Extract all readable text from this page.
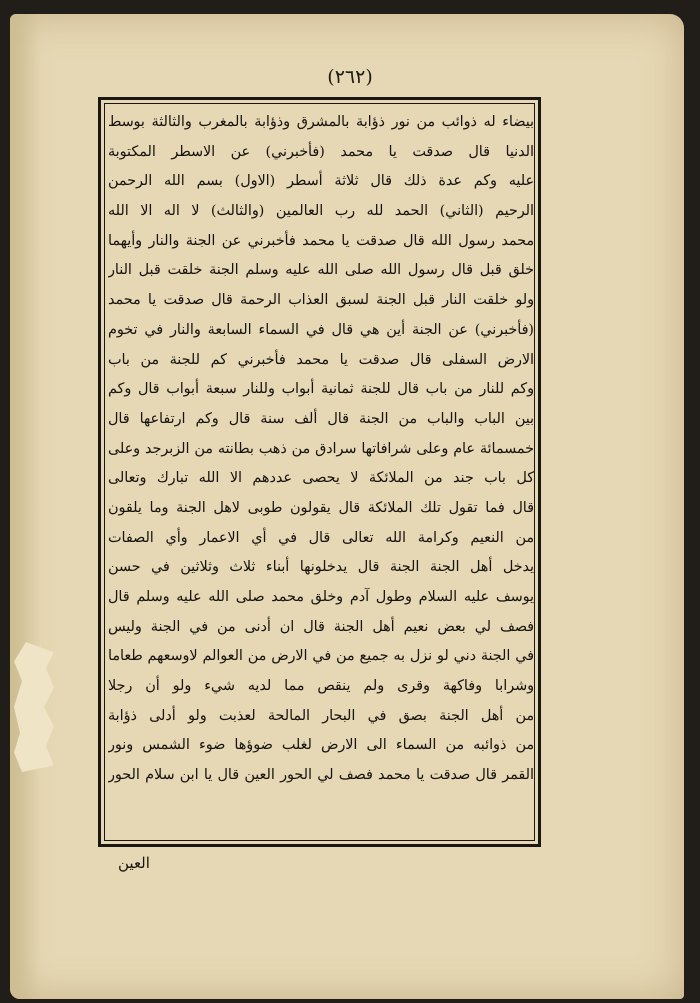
(٢٦٢)
بيضاء له ذوائب من نور ذؤابة بالمشرق وذؤابة بالمغرب والثالثة بوسط
الدنيا قال صدقت يا محمد (فأخبرني) عن الاسطر المكتوبة
عليه وكم عدة ذلك قال ثلاثة أسطر (الاول) بسم الله الرحمن
الرحيم (الثاني) الحمد لله رب العالمين (والثالث) لا اله الا الله
محمد رسول الله قال صدقت يا محمد فأخبرني عن الجنة والنار وأيهما
خلق قبل قال رسول الله صلى الله عليه وسلم الجنة خلقت قبل النار
ولو خلقت النار قبل الجنة لسبق العذاب الرحمة قال صدقت يا محمد
(فأخبرني) عن الجنة أين هي قال في السماء السابعة والنار في تخوم
الارض السفلى قال صدقت يا محمد فأخبرني كم للجنة من باب
وكم للنار من باب قال للجنة ثمانية أبواب وللنار سبعة أبواب قال وكم
بين الباب والباب من الجنة قال ألف سنة قال وكم ارتفاعها قال
خمسمائة عام وعلى شرافاتها سرادق من ذهب بطانته من الزبرجد وعلى
كل باب جند من الملائكة لا يحصى عددهم الا الله تبارك وتعالى
قال فما تقول تلك الملائكة قال يقولون طوبى لاهل الجنة وما يلقون
من النعيم وكرامة الله تعالى قال في أي الاعمار وأي الصفات
يدخل أهل الجنة الجنة قال يدخلونها أبناء ثلاث وثلاثين في حسن
يوسف عليه السلام وطول آدم وخلق محمد صلى الله عليه وسلم قال
فصف لي بعض نعيم أهل الجنة قال ان أدنى من في الجنة وليس
في الجنة دني لو نزل به جميع من في الارض من العوالم لاوسعهم طعاما
وشرابا وفاكهة وقرى ولم ينقص مما لديه شيء ولو أن رجلا
من أهل الجنة بصق في البحار المالحة لعذبت ولو أدلى ذؤابة
من ذوائبه من السماء الى الارض لغلب ضوؤها ضوء الشمس ونور
القمر قال صدقت يا محمد فصف لي الحور العين قال يا ابن سلام الحور
العين
